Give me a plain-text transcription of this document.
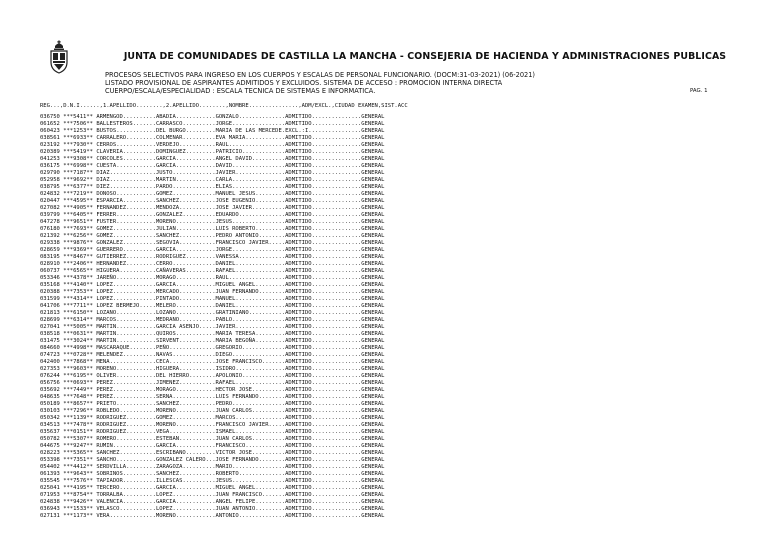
JUNTA DE COMUNIDADES DE CASTILLA LA MANCHA - CONSEJERIA DE HACIENDA Y ADMINISTRACIONES PUBLICAS
PROCESOS SELECTIVOS PARA INGRESO EN LOS CUERPOS Y ESCALAS DE PERSONAL FUNCIONARIO. (DOCM:31-03-2021) (06-2021)
LISTADO PROVISIONAL DE ASPIRANTES ADMITIDOS Y EXCLUIDOS. SISTEMA DE ACCESO : PROMOCION INTERNA DIRECTA
CUERPO/ESCALA/ESPECIALIDAD : ESCALA TECNICA DE SISTEMAS E INFORMATICA.	PAG. 1
REG...,D.N.I......,1.APELLIDO........,2.APELLIDO........,NOMBRE...............,ADM/EXCL.,CIUDAD EXAMEN,SIST.ACC
036750 ***5411** ARMENGOD..........ABADIA............GONZALO..............ADMITIDO...............GENERAL
061652 ***7506** BALLESTEROS.......CARRASCO..........JORGE................ADMITIDO...............GENERAL
060423 ***1253** BUSTOS............DEL BURGO.........MARIA DE LAS MERCEDE.EXCL.:I................GENERAL
038561 ***6933** CARRALERO.........COLMENAR..........EVA MARIA............ADMITIDO...............GENERAL
023192 ***7930** CERROS............VERDEJO...........RAUL.................ADMITIDO...............GENERAL
020389 ***5419** CLAVERIA..........DOMINGUEZ.........PATRICIO.............ADMITIDO...............GENERAL
041253 ***9308** CORCOLES..........GARCIA............ANGEL DAVID..........ADMITIDO...............GENERAL
036175 ***6998** CUESTA............GARCIA............DAVID................ADMITIDO...............GENERAL
029790 ***7187** DIAZ..............JUSTO.............JAVIER...............ADMITIDO...............GENERAL
052958 ***9692** DIAZ..............MARTIN............CARLA................ADMITIDO...............GENERAL
038795 ***6377** DIEZ..............PARDO.............ELIAS................ADMITIDO...............GENERAL
024832 ***7219** DONOSO............GOMEZ.............MANUEL JESUS.........ADMITIDO...............GENERAL
020447 ***4595** ESPARCIA..........SANCHEZ...........JOSE EUGENIO.........ADMITIDO...............GENERAL
027082 ***4905** FERNANDEZ.........MENDOZA...........JOSE JAVIER..........ADMITIDO...............GENERAL
039799 ***6405** FERRER............GONZALEZ..........EDUARDO..............ADMITIDO...............GENERAL
047278 ***9651** FUSTER............MORENO............JESUS................ADMITIDO...............GENERAL
076180 ***7693** GOMEZ.............JULIAN............LUIS ROBERTO.........ADMITIDO...............GENERAL
021392 ***6256** GOMEZ.............SANCHEZ...........PEDRO ANTONIO........ADMITIDO...............GENERAL
029338 ***9876** GONZALEZ..........SEGOVIA...........FRANCISCO JAVIER.....ADMITIDO...............GENERAL
028659 ***9369** GUERRERO..........GARCIA............JORGE................ADMITIDO...............GENERAL
083195 ***8467** GUTIERREZ.........RODRIGUEZ.........VANESSA..............ADMITIDO...............GENERAL
028910 ***2406** HERNANDEZ.........CERRO.............DANIEL...............ADMITIDO...............GENERAL
060737 ***6565** HIGUERA...........CAÑAVERAS.........RAFAEL...............ADMITIDO...............GENERAL
053346 ***4378** JAREÑO............MORAGO............RAUL.................ADMITIDO...............GENERAL
035168 ***4140** LOPEZ.............GARCIA............MIGUEL ANGEL.........ADMITIDO...............GENERAL
020388 ***7353** LOPEZ.............MERCADO...........JUAN FERNANDO........ADMITIDO...............GENERAL
031599 ***4314** LOPEZ.............PINTADO...........MANUEL...............ADMITIDO...............GENERAL
041706 ***7711** LOPEZ BERMEJO.....MELERO............DANIEL...............ADMITIDO...............GENERAL
021813 ***6150** LOZANO............LOZANO............GRATINIANO...........ADMITIDO...............GENERAL
028699 ***6314** MARCOS............MEDRANO...........PABLO................ADMITIDO...............GENERAL
027041 ***5005** MARTIN............GARCIA ASENJO.....JAVIER...............ADMITIDO...............GENERAL
038518 ***0631** MARTIN............QUIROS............MARIA TERESA.........ADMITIDO...............GENERAL
031475 ***3024** MARTIN............SIRVENT...........MARIA BEGOÑA.........ADMITIDO...............GENERAL
084660 ***4998** MASCARAQUE........PEÑO..............GREGORIO.............ADMITIDO...............GENERAL
074723 ***0728** MELENDEZ..........NAVAS.............DIEGO................ADMITIDO...............GENERAL
042400 ***7868** MENA..............CECA..............JOSE FRANCISCO.......ADMITIDO...............GENERAL
027353 ***9603** MORENO............HIGUERA...........ISIDRO...............ADMITIDO...............GENERAL
076244 ***6195** OLIVER............DEL HIERRO........APOLONIO.............ADMITIDO...............GENERAL
056756 ***0693** PEREZ.............JIMENEZ...........RAFAEL...............ADMITIDO...............GENERAL
035692 ***7449** PEREZ.............MORAGO............HECTOR JOSE..........ADMITIDO...............GENERAL
048635 ***7648** PEREZ.............SERNA.............LUIS FERNANDO........ADMITIDO...............GENERAL
050189 ***8657** PRIETO............SANCHEZ...........PEDRO................ADMITIDO...............GENERAL
030103 ***7296** ROBLEDO...........MORENO............JUAN CARLOS..........ADMITIDO...............GENERAL
050342 ***1139** RODRIGUEZ.........GOMEZ.............MARCOS...............ADMITIDO...............GENERAL
034513 ***7478** RODRIGUEZ.........MORENO............FRANCISCO JAVIER.....ADMITIDO...............GENERAL
035637 ***0151** RODRIGUEZ.........VEGA..............ISMAEL...............ADMITIDO...............GENERAL
050782 ***5307** ROMERO............ESTEBAN...........JUAN CARLOS..........ADMITIDO...............GENERAL
044675 ***9247** RUMIN.............GARCIA............FRANCISCO............ADMITIDO...............GENERAL
028223 ***5365** SANCHEZ...........ESCRIBANO.........VICTOR JOSE..........ADMITIDO...............GENERAL
053398 ***7351** SANCHO............GONZALEZ CALERO...JOSE FERNANDO........ADMITIDO...............GENERAL
054402 ***4412** SERDVILLA.........ZARAGOZA..........MARIO................ADMITIDO...............GENERAL
061393 ***9643** SOBRINOS..........SANCHEZ...........ROBERTO..............ADMITIDO...............GENERAL
035545 ***7576** TAPIADOR..........ILLESCAS..........JESUS................ADMITIDO...............GENERAL
025041 ***4195** TERCERO...........GARCIA............MIGUEL ANGEL.........ADMITIDO...............GENERAL
071953 ***8754** TORRALBA..........LOPEZ.............JUAN FRANCISCO.......ADMITIDO...............GENERAL
024838 ***9426** VALENCIA..........GARCIA............ANGEL FELIPE.........ADMITIDO...............GENERAL
036943 ***1533** VELASCO...........LOPEZ.............JUAN ANTONIO.........ADMITIDO...............GENERAL
027131 ***1173** VERA..............MORENO............ANTONIO..............ADMITIDO...............GENERAL
